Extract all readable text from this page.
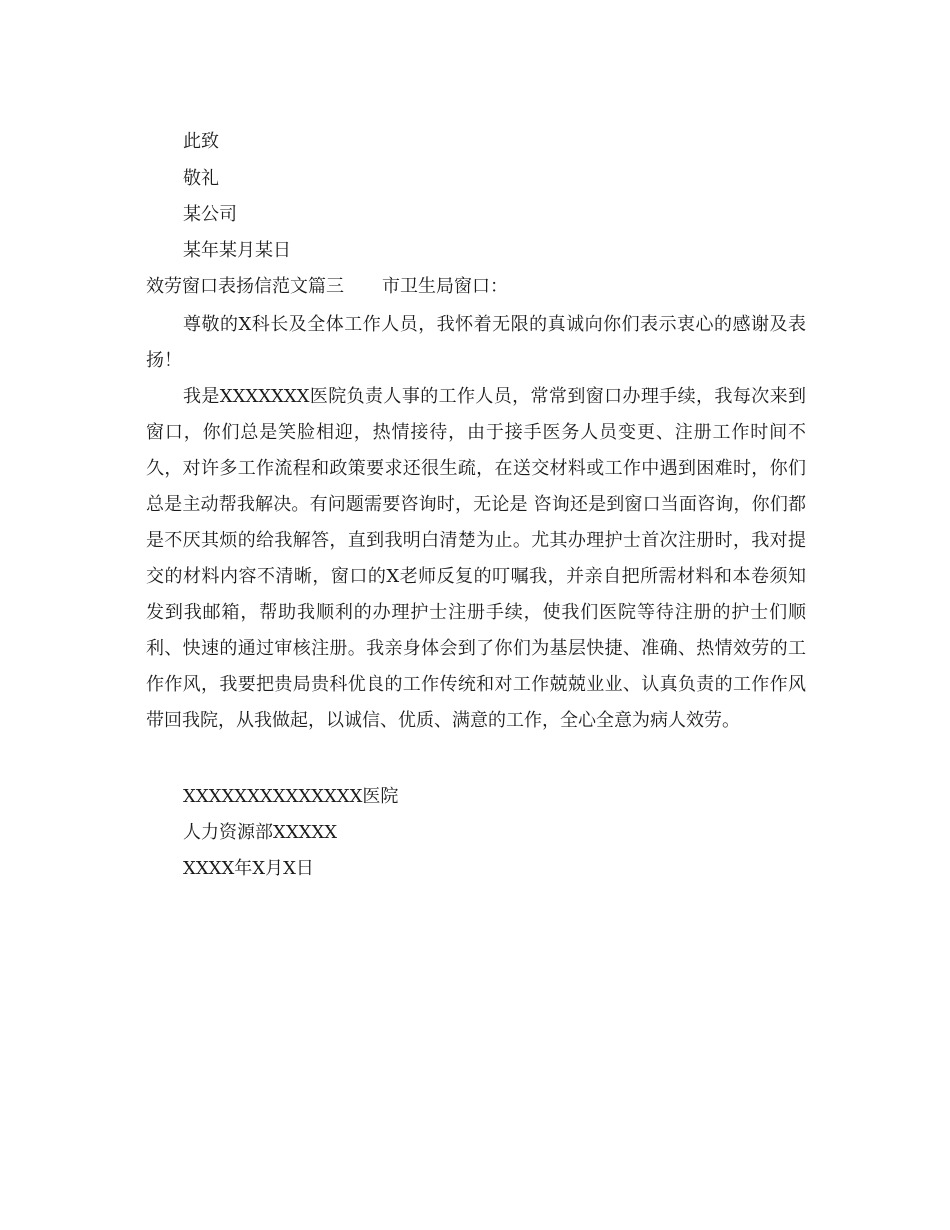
此致
敬礼
某公司
某年某月某日
效劳窗口表扬信范文篇三 市卫生局窗口：

尊敬的X科长及全体工作人员，我怀着无限的真诚向你们表示衷心的感谢及表扬！

我是XXXXXXX医院负责人事的工作人员，常常到窗口办理手续，我每次来到窗口，你们总是笑脸相迎，热情接待，由于接手医务人员变更、注册工作时间不久，对许多工作流程和政策要求还很生疏，在送交材料或工作中遇到困难时，你们总是主动帮我解决。有问题需要咨询时，无论是 咨询还是到窗口当面咨询，你们都是不厌其烦的给我解答，直到我明白清楚为止。尤其办理护士首次注册时，我对提交的材料内容不清晰，窗口的X老师反复的叮嘱我，并亲自把所需材料和本卷须知发到我邮箱，帮助我顺利的办理护士注册手续，使我们医院等待注册的护士们顺利、快速的通过审核注册。我亲身体会到了你们为基层快捷、准确、热情效劳的工作作风，我要把贵局贵科优良的工作传统和对工作兢兢业业、认真负责的工作作风带回我院，从我做起，以诚信、优质、满意的工作，全心全意为病人效劳。

XXXXXXXXXXXXXX医院
人力资源部XXXXX
XXXX年X月X日
